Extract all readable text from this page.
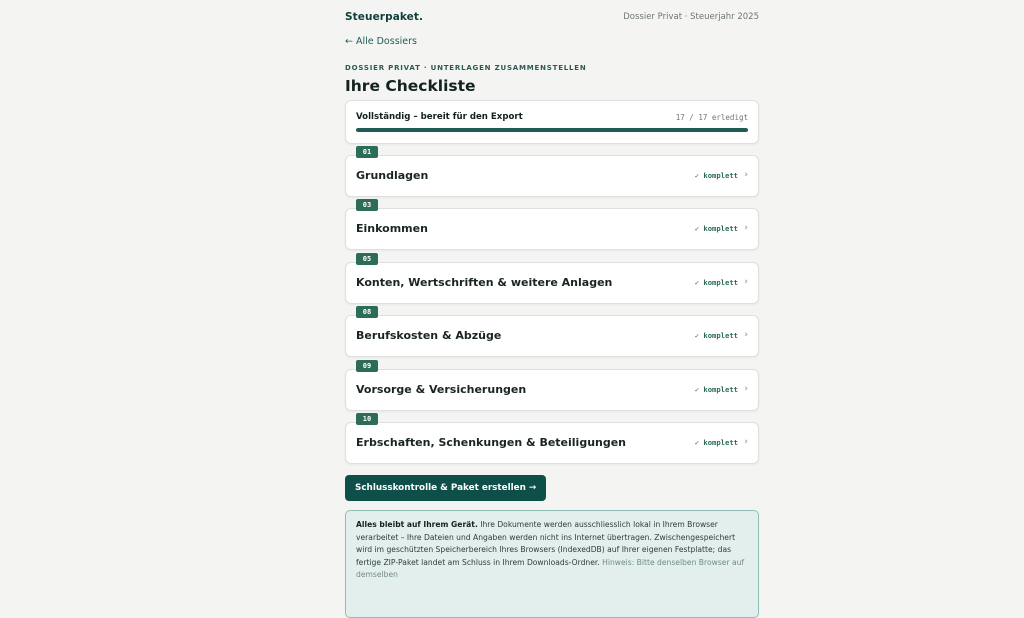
Steuerpaket.	Dossier Privat · Steuerjahr 2025
← Alle Dossiers
DOSSIER PRIVAT · UNTERLAGEN ZUSAMMENSTELLEN
Ihre Checkliste
Vollständig – bereit für den Export	17 / 17 erledigt
01
Grundlagen	✓ komplett ›
03
Einkommen	✓ komplett ›
05
Konten, Wertschriften & weitere Anlagen	✓ komplett ›
08
Berufskosten & Abzüge	✓ komplett ›
09
Vorsorge & Versicherungen	✓ komplett ›
10
Erbschaften, Schenkungen & Beteiligungen	✓ komplett ›
Schlusskontrolle & Paket erstellen →
Alles bleibt auf Ihrem Gerät. Ihre Dokumente werden ausschliesslich lokal in Ihrem Browser verarbeitet – Ihre Dateien und Angaben werden nicht ins Internet übertragen. Zwischengespeichert wird im geschützten Speicherbereich Ihres Browsers (IndexedDB) auf Ihrer eigenen Festplatte; das fertige ZIP-Paket landet am Schluss in Ihrem Downloads-Ordner. Hinweis: Bitte denselben Browser auf demselben
